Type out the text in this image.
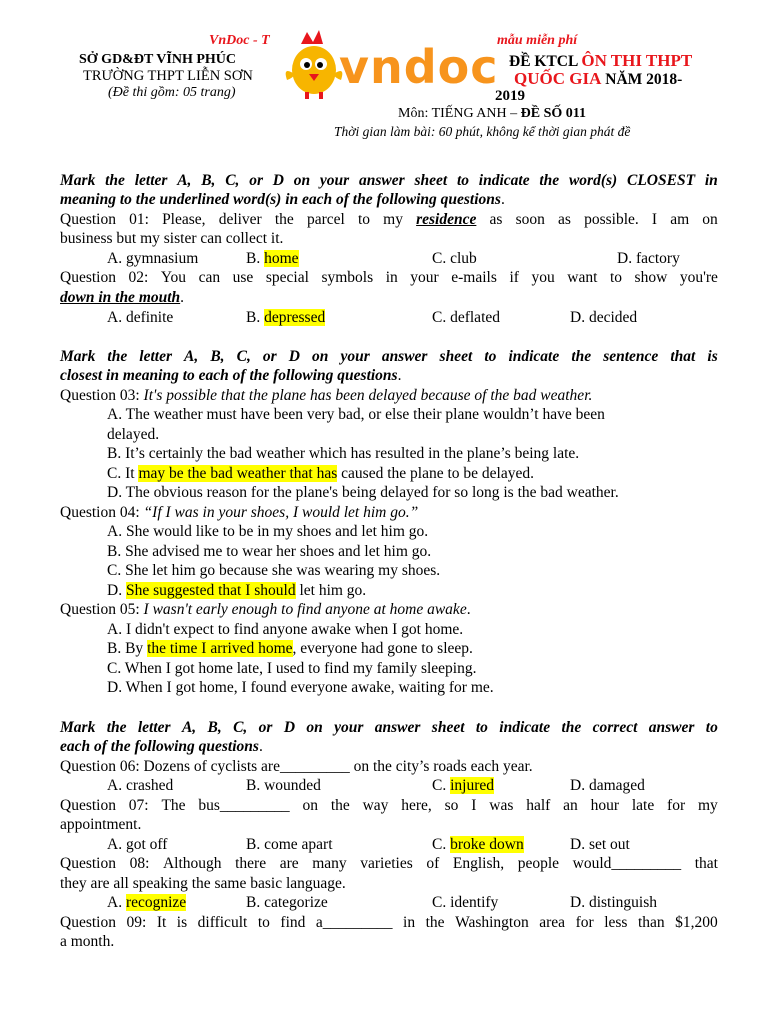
VnDoc - T	mẫu miễn phí
SỞ GD&ĐT VĨNH PHÚC
TRƯỜNG THPT LIỄN SƠN
(Đề thi gồm: 05 trang) vndoc ĐỀ KTCL ÔN THI THPT
QUỐC GIA NĂM 2018-
2019
Môn: TIẾNG ANH – ĐỀ SỐ 011
Thời gian làm bài: 60 phút, không kể thời gian phát đề
Mark the letter A, B, C, or D on your answer sheet to indicate the word(s) CLOSEST in
meaning to the underlined word(s) in each of the following questions.
Question 01: Please, deliver the parcel to my residence as soon as possible. I am on
business but my sister can collect it.
A. gymnasium	B. home	C. club	D. factory
Question 02: You can use special symbols in your e-mails if you want to show you're
down in the mouth.
A. definite	B. depressed	C. deflated	D. decided
Mark the letter A, B, C, or D on your answer sheet to indicate the sentence that is
closest in meaning to each of the following questions.
Question 03: It's possible that the plane has been delayed because of the bad weather.
A. The weather must have been very bad, or else their plane wouldn’t have been
delayed.
B. It’s certainly the bad weather which has resulted in the plane’s being late.
C. It may be the bad weather that has caused the plane to be delayed.
D. The obvious reason for the plane's being delayed for so long is the bad weather.
Question 04: “If I was in your shoes, I would let him go.”
A. She would like to be in my shoes and let him go.
B. She advised me to wear her shoes and let him go.
C. She let him go because she was wearing my shoes.
D. She suggested that I should let him go.
Question 05: I wasn't early enough to find anyone at home awake.
A. I didn't expect to find anyone awake when I got home.
B. By the time I arrived home, everyone had gone to sleep.
C. When I got home late, I used to find my family sleeping.
D. When I got home, I found everyone awake, waiting for me.
Mark the letter A, B, C, or D on your answer sheet to indicate the correct answer to
each of the following questions.
Question 06: Dozens of cyclists are_________ on the city’s roads each year.
A. crashed	B. wounded	C. injured	D. damaged
Question 07: The bus_________ on the way here, so I was half an hour late for my
appointment.
A. got off	B. come apart	C. broke down	D. set out
Question 08: Although there are many varieties of English, people would_________ that
they are all speaking the same basic language.
A. recognize	B. categorize	C. identify	D. distinguish
Question 09: It is difficult to find a_________ in the Washington area for less than $1,200
a month.
